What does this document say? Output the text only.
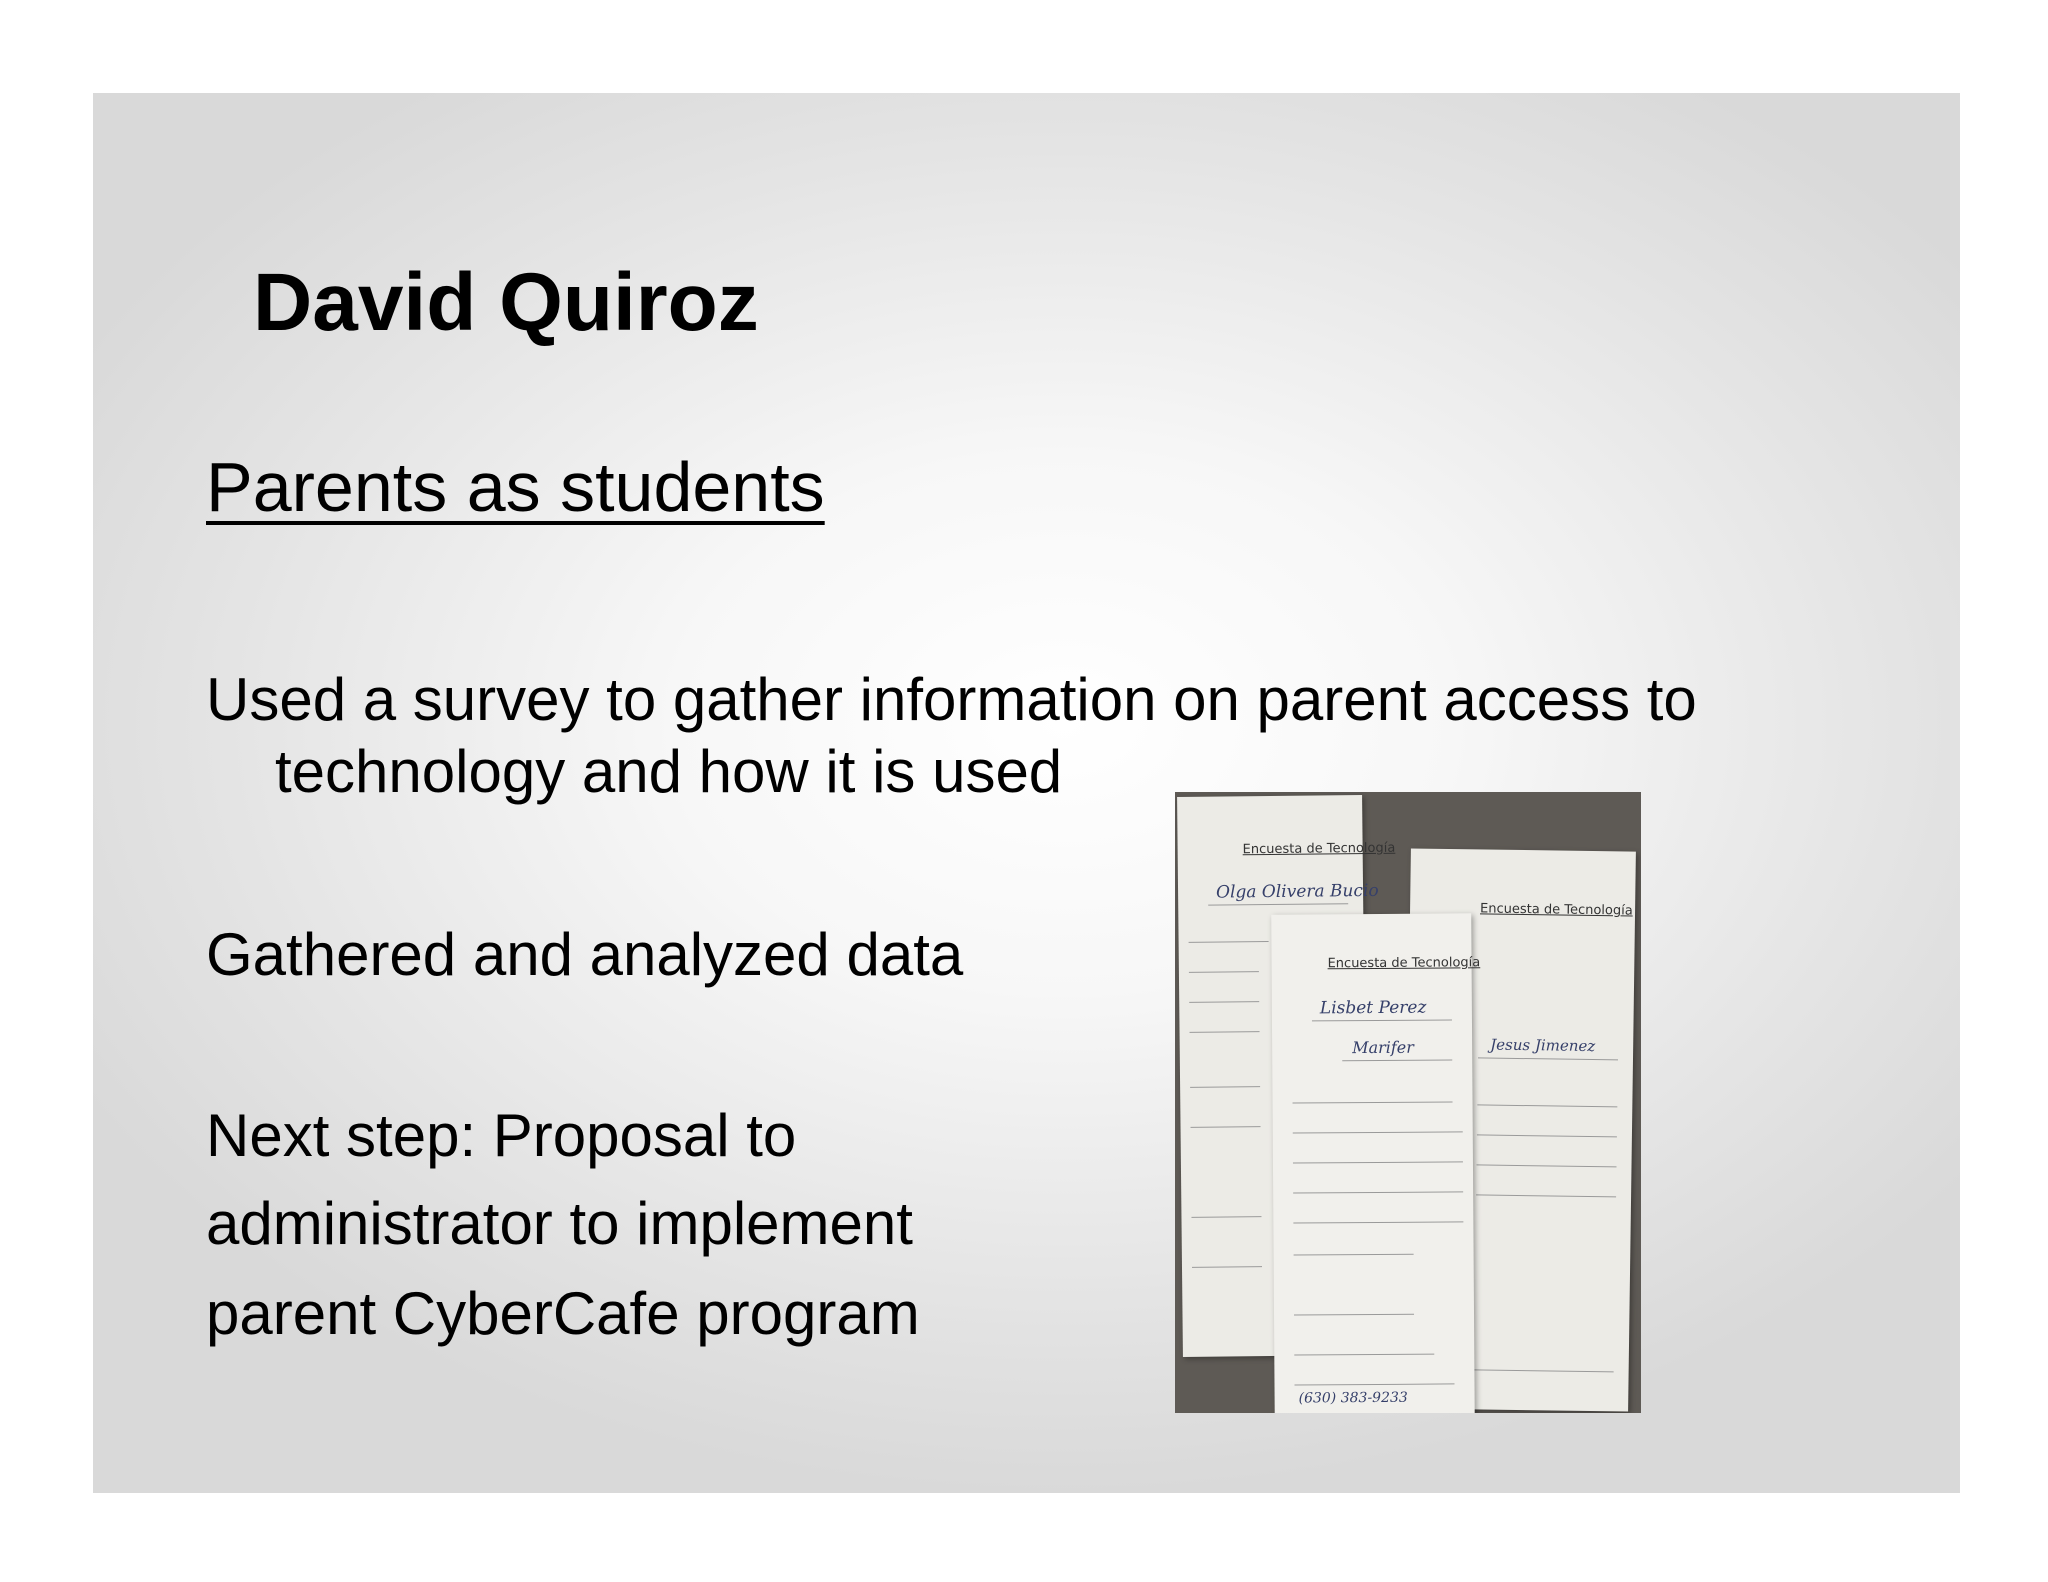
David Quiroz
Parents as students
Used a survey to gather information on parent access to
technology and how it is used
Gathered and analyzed data
Next step: Proposal to
administrator to implement
parent CyberCafe program
Encuesta de Tecnología
Olga Olivera Bucio
Encuesta de Tecnología
Jesus Jimenez
Encuesta de Tecnología
Lisbet Perez
Marifer
(630) 383-9233
